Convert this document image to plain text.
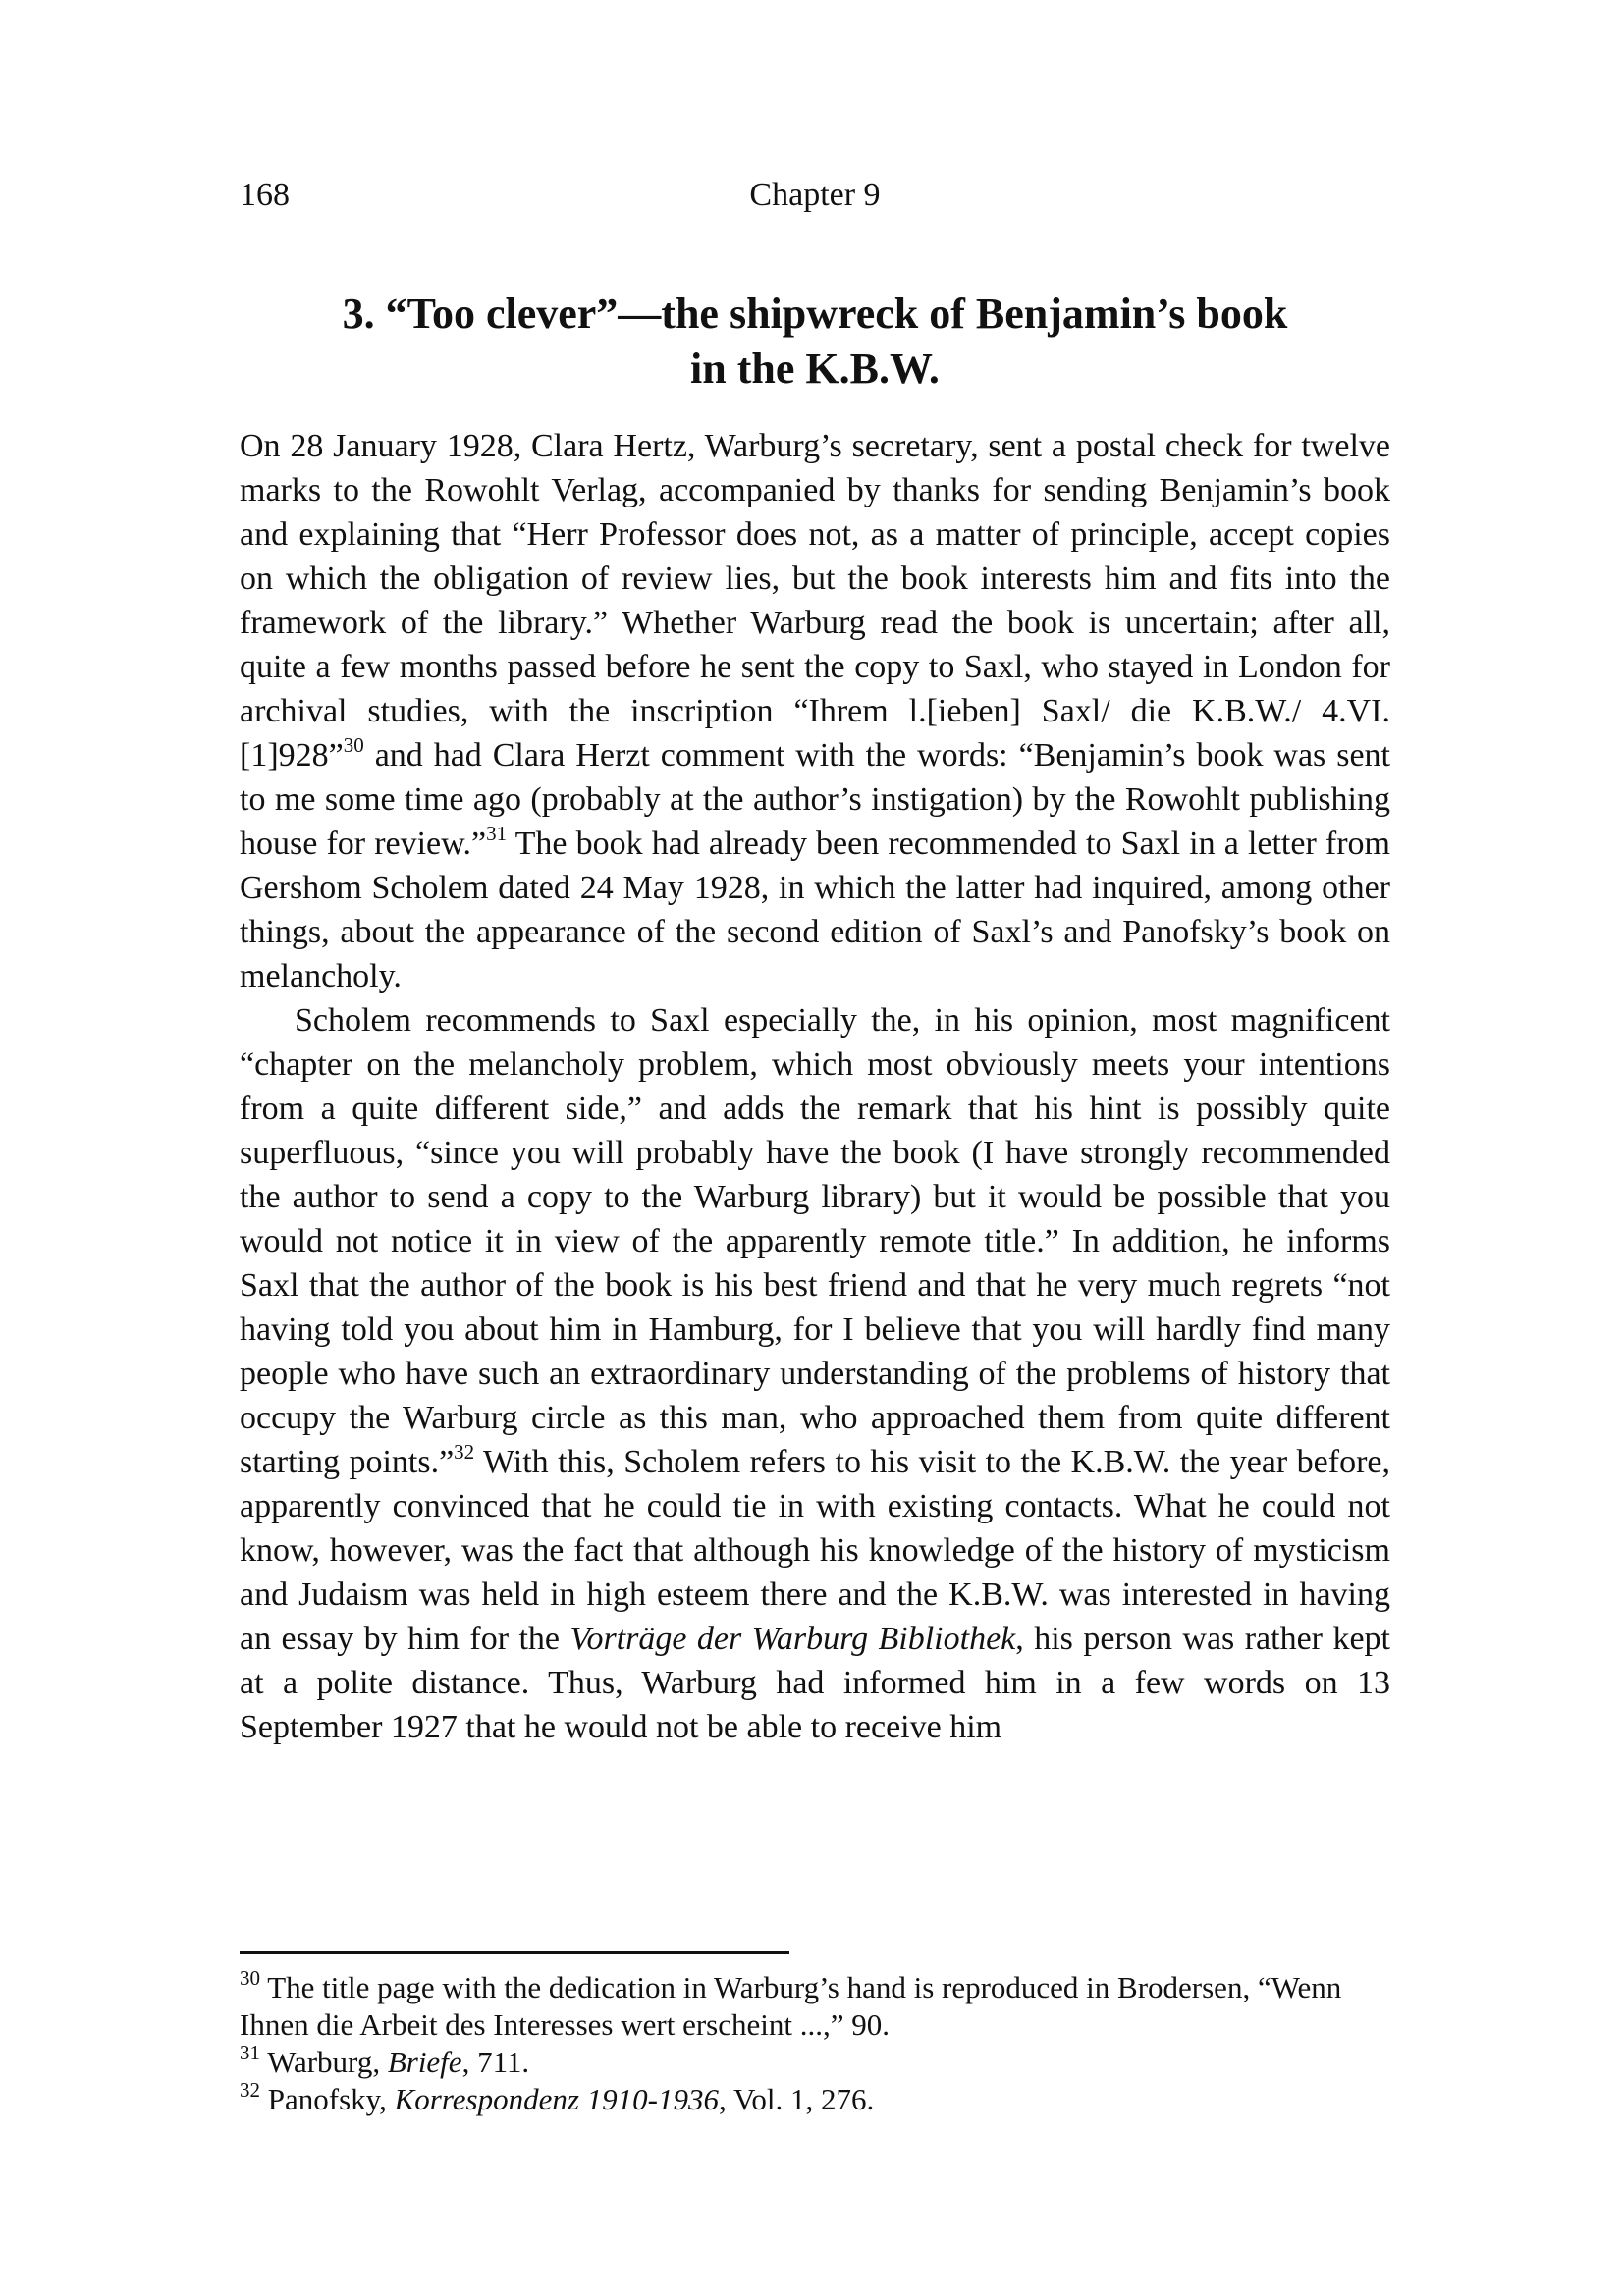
168	Chapter 9
3. “Too clever”—the shipwreck of Benjamin’s book
in the K.B.W.

On 28 January 1928, Clara Hertz, Warburg’s secretary, sent a postal check for twelve marks to the Rowohlt Verlag, accompanied by thanks for sending Benjamin’s book and explaining that “Herr Professor does not, as a matter of principle, accept copies on which the obligation of review lies, but the book interests him and fits into the framework of the library.” Whether Warburg read the book is uncertain; after all, quite a few months passed before he sent the copy to Saxl, who stayed in London for archival studies, with the inscription “Ihrem l.[ieben] Saxl/ die K.B.W./ 4.VI. [1]928”$^{30}$ and had Clara Herzt comment with the words: “Benjamin’s book was sent to me some time ago (probably at the author’s instigation) by the Rowohlt publishing house for review.”$^{31}$ The book had already been recommended to Saxl in a letter from Gershom Scholem dated 24 May 1928, in which the latter had inquired, among other things, about the appearance of the second edition of Saxl’s and Panofsky’s book on melancholy.

Scholem recommends to Saxl especially the, in his opinion, most magnificent “chapter on the melancholy problem, which most obviously meets your intentions from a quite different side,” and adds the remark that his hint is possibly quite superfluous, “since you will probably have the book (I have strongly recommended the author to send a copy to the Warburg library) but it would be possible that you would not notice it in view of the apparently remote title.” In addition, he informs Saxl that the author of the book is his best friend and that he very much regrets “not having told you about him in Hamburg, for I believe that you will hardly find many people who have such an extraordinary understanding of the problems of history that occupy the Warburg circle as this man, who approached them from quite different starting points.”$^{32}$ With this, Scholem refers to his visit to the K.B.W. the year before, apparently convinced that he could tie in with existing contacts. What he could not know, however, was the fact that although his knowledge of the history of mysticism and Judaism was held in high esteem there and the K.B.W. was interested in having an essay by him for the Vorträge der Warburg Bibliothek, his person was rather kept at a polite distance. Thus, Warburg had informed him in a few words on 13 September 1927 that he would not be able to receive him

$^{30}$ The title page with the dedication in Warburg’s hand is reproduced in Brodersen, “Wenn Ihnen die Arbeit des Interesses wert erscheint ...,” 90.

$^{31}$ Warburg, Briefe, 711.

$^{32}$ Panofsky, Korrespondenz 1910-1936, Vol. 1, 276.
